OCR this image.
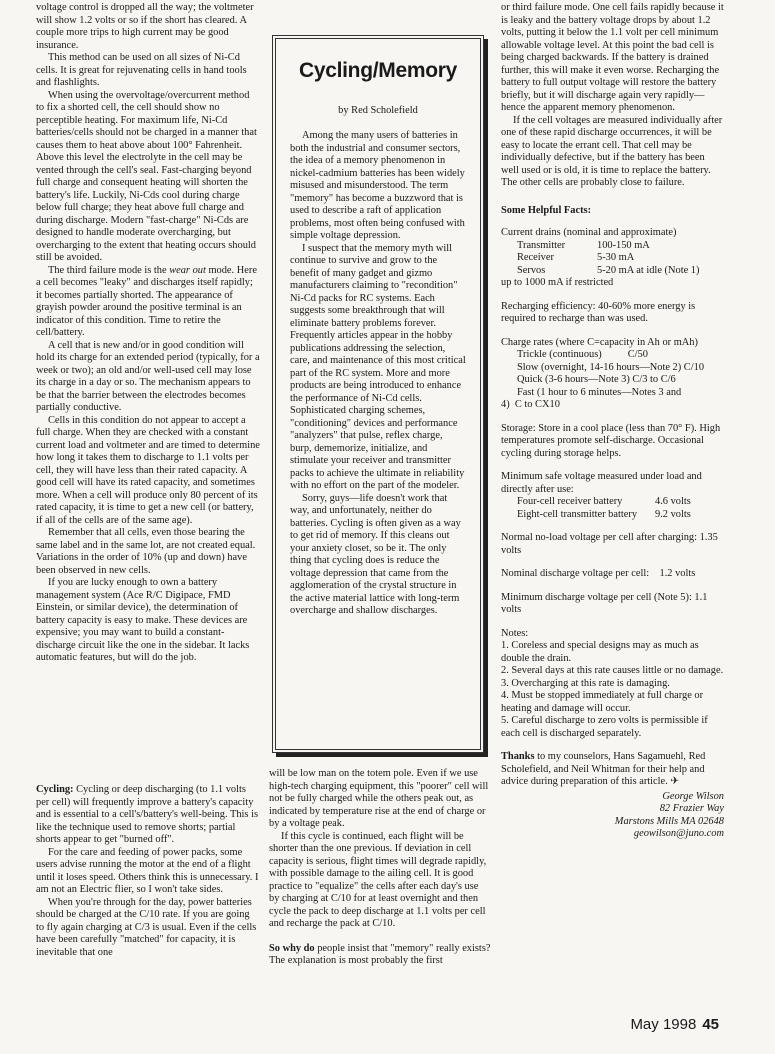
voltage control is dropped all the way; the voltmeter will show 1.2 volts or so if the short has cleared. A couple more trips to high current may be good insurance.

This method can be used on all sizes of Ni-Cd cells. It is great for rejuvenating cells in hand tools and flashlights.

When using the overvoltage/overcurrent method to fix a shorted cell, the cell should show no perceptible heating. For maximum life, Ni-Cd batteries/cells should not be charged in a manner that causes them to heat above about 100° Fahrenheit. Above this level the electrolyte in the cell may be vented through the cell's seal. Fast-charging beyond full charge and consequent heating will shorten the battery's life. Luckily, Ni-Cds cool during charge below full charge; they heat above full charge and during discharge. Modern "fast-charge" Ni-Cds are designed to handle moderate overcharging, but overcharging to the extent that heating occurs should still be avoided.

The third failure mode is the wear out mode. Here a cell becomes "leaky" and discharges itself rapidly; it becomes partially shorted. The appearance of grayish powder around the positive terminal is an indicator of this condition. Time to retire the cell/battery.

A cell that is new and/or in good condition will hold its charge for an extended period (typically, for a week or two); an old and/or well-used cell may lose its charge in a day or so. The mechanism appears to be that the barrier between the electrodes becomes partially conductive.

Cells in this condition do not appear to accept a full charge. When they are checked with a constant current load and voltmeter and are timed to determine how long it takes them to discharge to 1.1 volts per cell, they will have less than their rated capacity. A good cell will have its rated capacity, and sometimes more. When a cell will produce only 80 percent of its rated capacity, it is time to get a new cell (or battery, if all of the cells are of the same age).

Remember that all cells, even those bearing the same label and in the same lot, are not created equal. Variations in the order of 10% (up and down) have been observed in new cells.

If you are lucky enough to own a battery management system (Ace R/C Digipace, FMD Einstein, or similar device), the determination of battery capacity is easy to make. These devices are expensive; you may want to build a constant-discharge circuit like the one in the sidebar. It lacks automatic features, but will do the job.

Cycling: Cycling or deep discharging (to 1.1 volts per cell) will frequently improve a battery's capacity and is essential to a cell's/battery's well-being. This is like the technique used to remove shorts; partial shorts appear to get "burned off".

For the care and feeding of power packs, some users advise running the motor at the end of a flight until it loses speed. Others think this is unnecessary. I am not an Electric flier, so I won't take sides.

When you're through for the day, power batteries should be charged at the C/10 rate. If you are going to fly again charging at C/3 is usual. Even if the cells have been carefully "matched" for capacity, it is inevitable that one

Cycling/Memory
by Red Scholefield

Among the many users of batteries in both the industrial and consumer sectors, the idea of a memory phenomenon in nickel-cadmium batteries has been widely misused and misunderstood. The term "memory" has become a buzzword that is used to describe a raft of application problems, most often being confused with simple voltage depression.

I suspect that the memory myth will continue to survive and grow to the benefit of many gadget and gizmo manufacturers claiming to "recondition" Ni-Cd packs for RC systems. Each suggests some breakthrough that will eliminate battery problems forever. Frequently articles appear in the hobby publications addressing the selection, care, and maintenance of this most critical part of the RC system. More and more products are being introduced to enhance the performance of Ni-Cd cells. Sophisticated charging schemes, "conditioning" devices and performance "analyzers" that pulse, reflex charge, burp, dememorize, initialize, and stimulate your receiver and transmitter packs to achieve the ultimate in reliability with no effort on the part of the modeler.

Sorry, guys—life doesn't work that way, and unfortunately, neither do batteries. Cycling is often given as a way to get rid of memory. If this cleans out your anxiety closet, so be it. The only thing that cycling does is reduce the voltage depression that came from the agglomeration of the crystal structure in the active material lattice with long-term overcharge and shallow discharges.

will be low man on the totem pole. Even if we use high-tech charging equipment, this "poorer" cell will not be fully charged while the others peak out, as indicated by temperature rise at the end of charge or by a voltage peak.

If this cycle is continued, each flight will be shorter than the one previous. If deviation in cell capacity is serious, flight times will degrade rapidly, with possible damage to the ailing cell. It is good practice to "equalize" the cells after each day's use by charging at C/10 for at least overnight and then cycle the pack to deep discharge at 1.1 volts per cell and recharge the pack at C/10.

So why do people insist that "memory" really exists? The explanation is most probably the first

or third failure mode. One cell fails rapidly because it is leaky and the battery voltage drops by about 1.2 volts, putting it below the 1.1 volt per cell minimum allowable voltage level. At this point the bad cell is being charged backwards. If the battery is drained further, this will make it even worse. Recharging the battery to full output voltage will restore the battery briefly, but it will discharge again very rapidly—hence the apparent memory phenomenon.

If the cell voltages are measured individually after one of these rapid discharge occurrences, it will be easy to locate the errant cell. That cell may be individually defective, but if the battery has been well used or is old, it is time to replace the battery. The other cells are probably close to failure.

Some Helpful Facts:
Current drains (nominal and approximate)
Transmitter	100-150 mA
Receiver	5-30 mA
Servos	5-20 mA at idle (Note 1)
up to 1000 mA if restricted
Recharging efficiency: 40-60% more energy is required to recharge than was used.
Charge rates (where C=capacity in Ah or mAh)
Trickle (continuous)          C/50
Slow (overnight, 14-16 hours—Note 2) C/10
Quick (3-6 hours—Note 3) C/3 to C/6
Fast (1 hour to 6 minutes—Notes 3 and
4)  C to CX10
Storage: Store in a cool place (less than 70° F). High temperatures promote self-discharge. Occasional cycling during storage helps.
Minimum safe voltage measured under load and directly after use:
Four-cell receiver battery	4.6 volts
Eight-cell transmitter battery	9.2 volts
Normal no-load voltage per cell after charging: 1.35 volts
Nominal discharge voltage per cell:    1.2 volts
Minimum discharge voltage per cell (Note 5): 1.1 volts
Notes:
1. Coreless and special designs may as much as double the drain.
2. Several days at this rate causes little or no damage.
3. Overcharging at this rate is damaging.
4. Must be stopped immediately at full charge or heating and damage will occur.
5. Careful discharge to zero volts is permissible if each cell is discharged separately.
Thanks to my counselors, Hans Sagamuehl, Red Scholefield, and Neil Whitman for their help and advice during preparation of this article. ✈
George Wilson
82 Frazier Way
Marstons Mills MA 02648
geowilson@juno.com
May 1998 45
